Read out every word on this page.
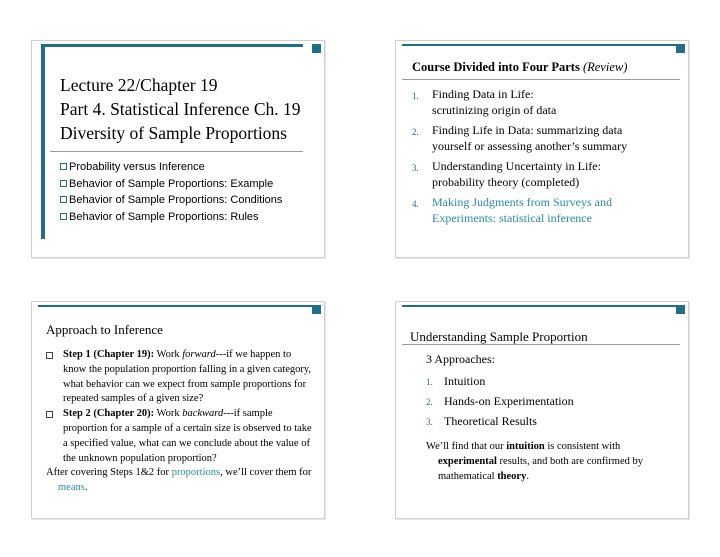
Lecture 22/Chapter 19
Part 4. Statistical Inference Ch. 19
Diversity of Sample Proportions
Probability versus Inference
Behavior of Sample Proportions: Example
Behavior of Sample Proportions: Conditions
Behavior of Sample Proportions: Rules
Course Divided into Four Parts (Review)
1. Finding Data in Life:
scrutinizing origin of data
2. Finding Life in Data: summarizing data
yourself or assessing another’s summary
3. Understanding Uncertainty in Life:
probability theory (completed)
4. Making Judgments from Surveys and
Experiments: statistical inference
Approach to Inference
Step 1 (Chapter 19): Work forward---if we happen to know the population proportion falling in a given category, what behavior can we expect from sample proportions for repeated samples of a given size?
Step 2 (Chapter 20): Work backward---if sample proportion for a sample of a certain size is observed to take a specified value, what can we conclude about the value of the unknown population proportion?
After covering Steps 1&2 for proportions, we’ll cover them for means.
Understanding Sample Proportion
3 Approaches:
1. Intuition
2. Hands-on Experimentation
3. Theoretical Results
We’ll find that our intuition is consistent with
experimental results, and both are confirmed by
mathematical theory.
